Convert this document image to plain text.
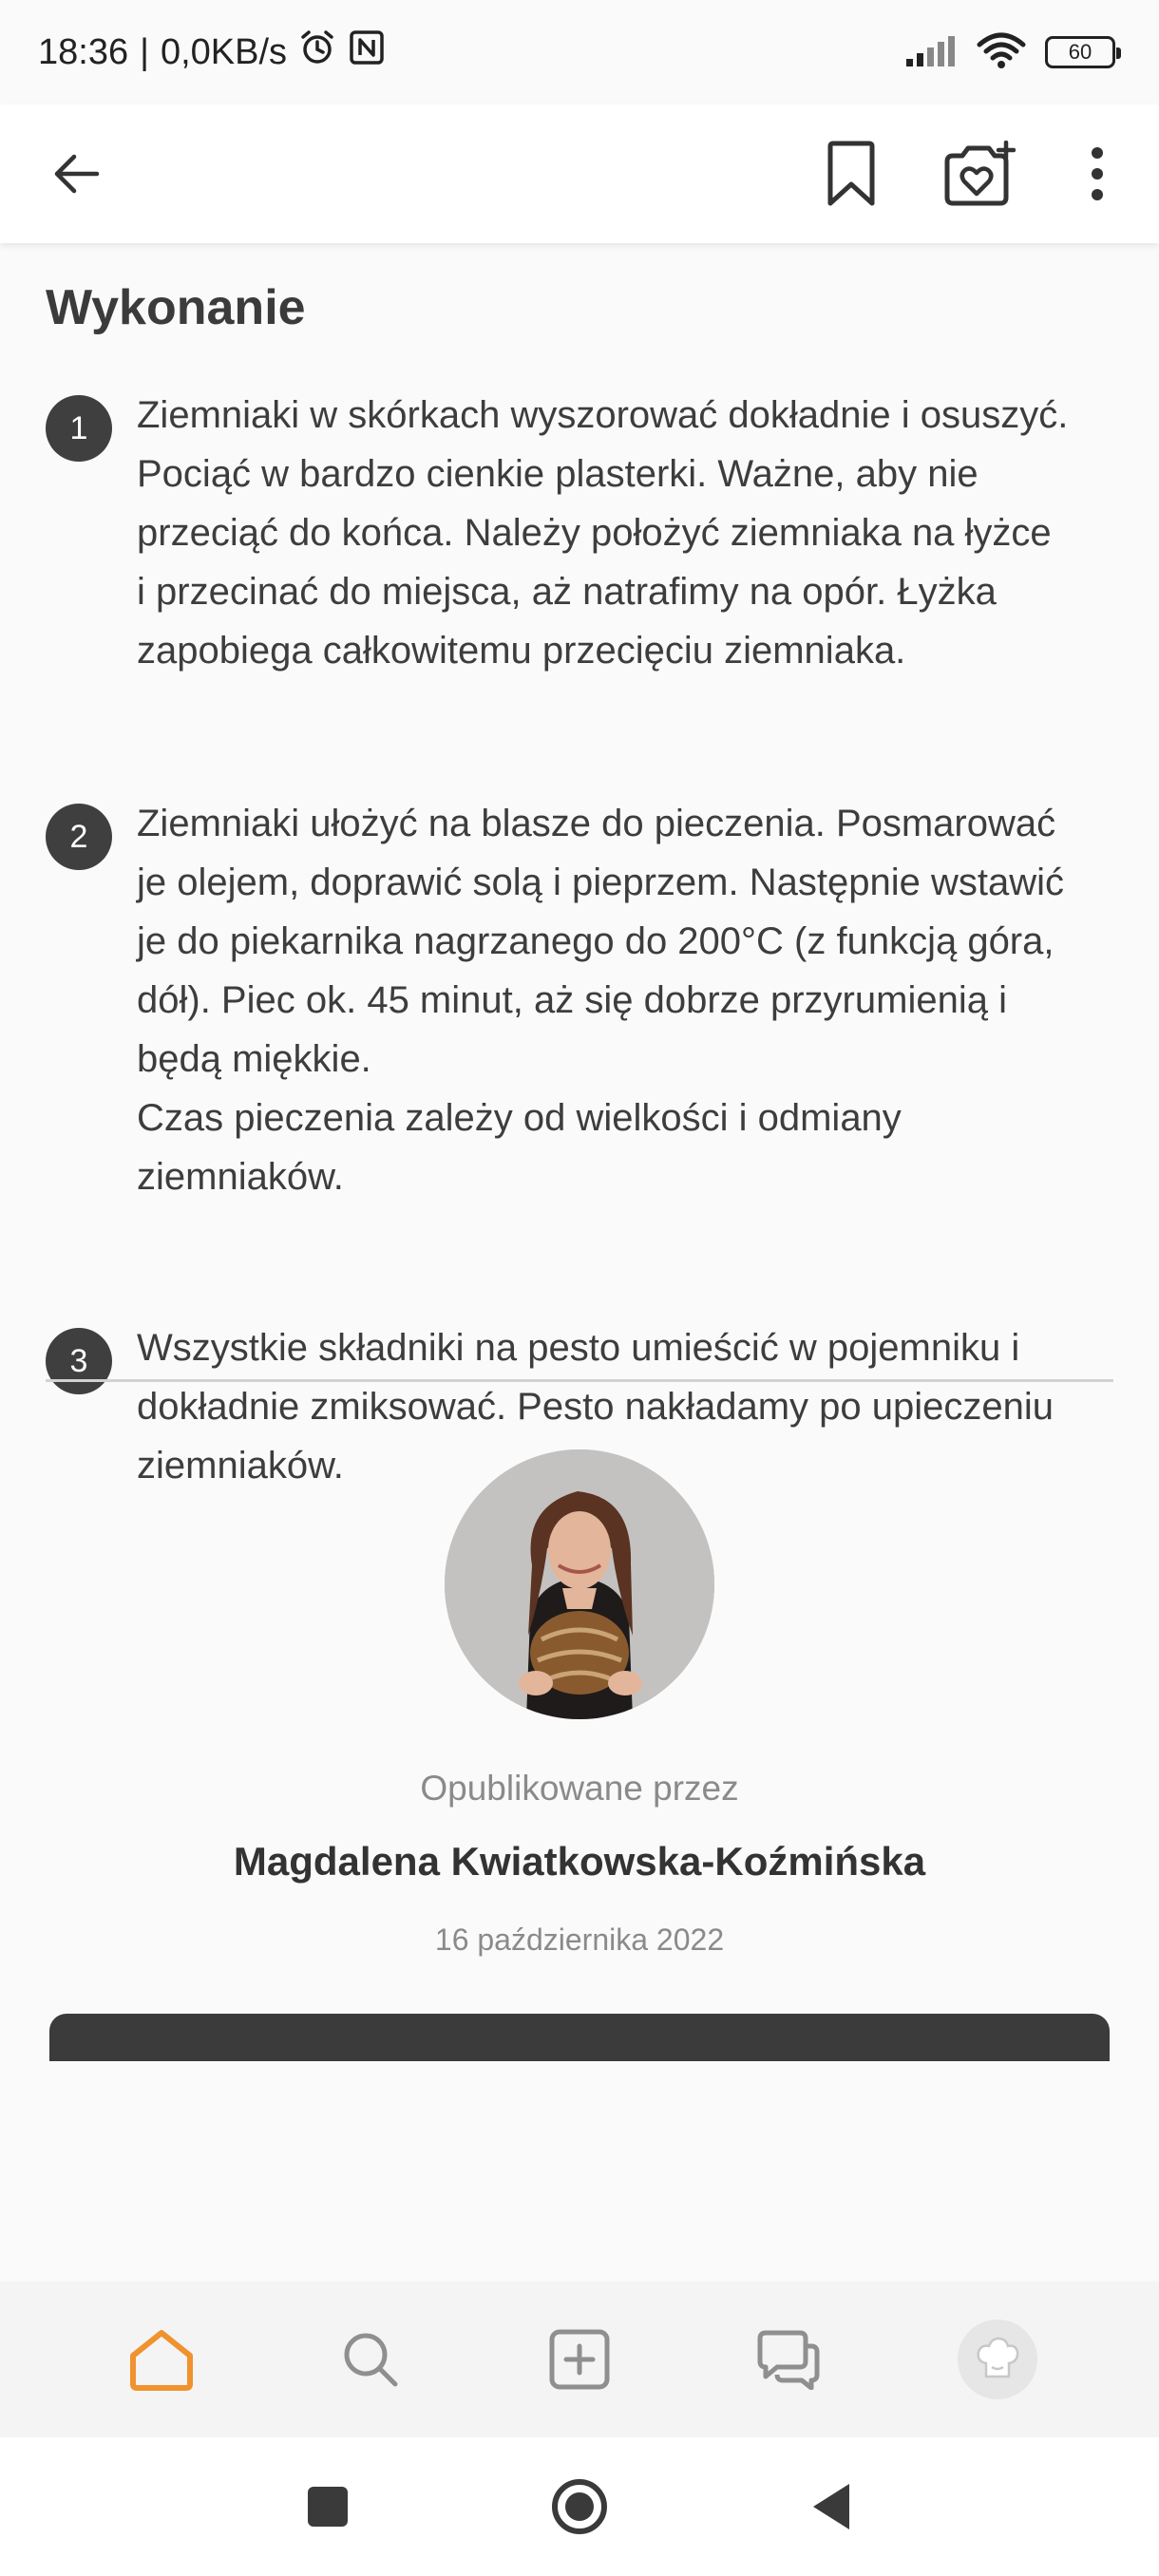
18:36 | 0,0KB/s	60
Wykonanie
1	Ziemniaki w skórkach wyszorować dokładnie i osuszyć.
Pociąć w bardzo cienkie plasterki. Ważne, aby nie
przeciąć do końca. Należy położyć ziemniaka na łyżce
i przecinać do miejsca, aż natrafimy na opór. Łyżka
zapobiega całkowitemu przecięciu ziemniaka.
2	Ziemniaki ułożyć na blasze do pieczenia. Posmarować
je olejem, doprawić solą i pieprzem. Następnie wstawić
je do piekarnika nagrzanego do 200°C (z funkcją góra,
dół). Piec ok. 45 minut, aż się dobrze przyrumienią i
będą miękkie.
Czas pieczenia zależy od wielkości i odmiany
ziemniaków.
3	Wszystkie składniki na pesto umieścić w pojemniku i
dokładnie zmiksować. Pesto nakładamy po upieczeniu
ziemniaków.
Opublikowane przez
Magdalena Kwiatkowska-Koźmińska
16 października 2022
